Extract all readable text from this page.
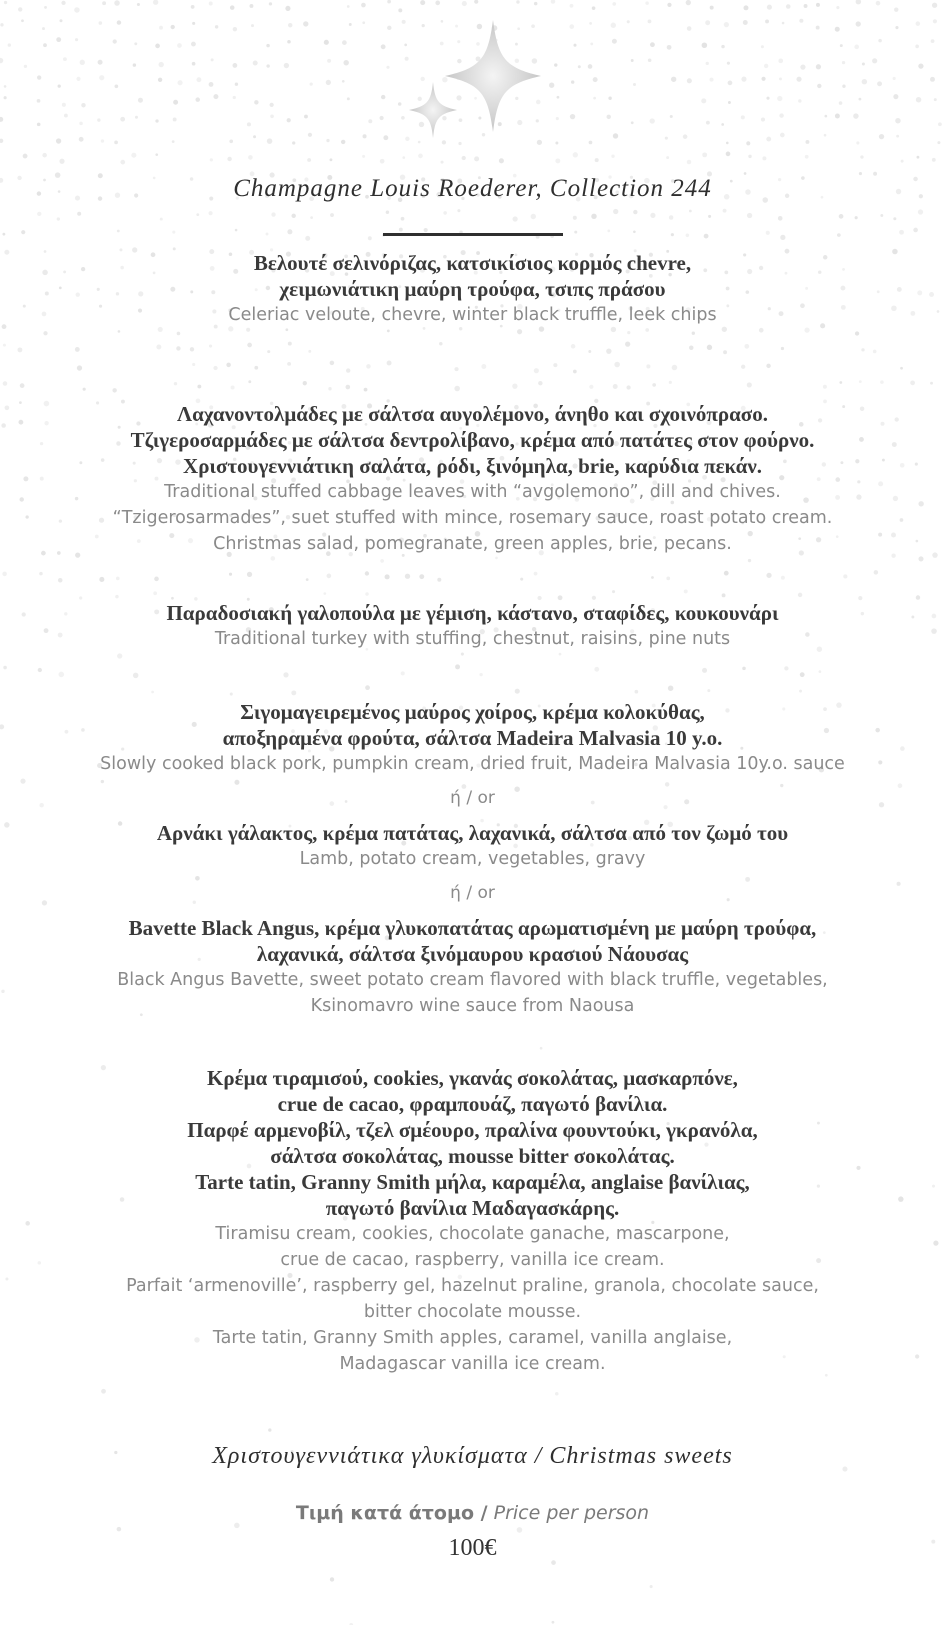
Champagne Louis Roederer, Collection 244
Βελουτέ σελινόριζας, κατσικίσιος κορμός chevre,
χειμωνιάτικη μαύρη τρούφα, τσιπς πράσου
Celeriac veloute, chevre, winter black truffle, leek chips
Λαχανοντολμάδες με σάλτσα αυγολέμονο, άνηθο και σχοινόπρασο.
Τζιγεροσαρμάδες με σάλτσα δεντρολίβανο, κρέμα από πατάτες στον φούρνο.
Χριστουγεννιάτικη σαλάτα, ρόδι, ξινόμηλα, brie, καρύδια πεκάν.
Traditional stuffed cabbage leaves with “avgolemono”, dill and chives.
“Tzigerosarmades”, suet stuffed with mince, rosemary sauce, roast potato cream.
Christmas salad, pomegranate, green apples, brie, pecans.
Παραδοσιακή γαλοπούλα με γέμιση, κάστανο, σταφίδες, κουκουνάρι
Traditional turkey with stuffing, chestnut, raisins, pine nuts
Σιγομαγειρεμένος μαύρος χοίρος, κρέμα κολοκύθας,
αποξηραμένα φρούτα, σάλτσα Madeira Malvasia 10 y.o.
Slowly cooked black pork, pumpkin cream, dried fruit, Madeira Malvasia 10y.o. sauce
ή / or
Αρνάκι γάλακτος, κρέμα πατάτας, λαχανικά, σάλτσα από τον ζωμό του
Lamb, potato cream, vegetables, gravy
ή / or
Bavette Black Angus, κρέμα γλυκοπατάτας αρωματισμένη με μαύρη τρούφα,
λαχανικά, σάλτσα ξινόμαυρου κρασιού Νάουσας
Black Angus Bavette, sweet potato cream flavored with black truffle, vegetables,
Ksinomavro wine sauce from Naousa
Κρέμα τιραμισού, cookies, γκανάς σοκολάτας, μασκαρπόνε,
crue de cacao, φραμπουάζ, παγωτό βανίλια.
Παρφέ αρμενοβίλ, τζελ σμέουρο, πραλίνα φουντούκι, γκρανόλα,
σάλτσα σοκολάτας, mousse bitter σοκολάτας.
Tarte tatin, Granny Smith μήλα, καραμέλα, anglaise βανίλιας,
παγωτό βανίλια Μαδαγασκάρης.
Tiramisu cream, cookies, chocolate ganache, mascarpone,
crue de cacao, raspberry, vanilla ice cream.
Parfait ‘armenoville’, raspberry gel, hazelnut praline, granola, chocolate sauce,
bitter chocolate mousse.
Tarte tatin, Granny Smith apples, caramel, vanilla anglaise,
Madagascar vanilla ice cream.
Χριστουγεννιάτικα γλυκίσματα / Christmas sweets
Τιμή κατά άτομο / Price per person
100€
